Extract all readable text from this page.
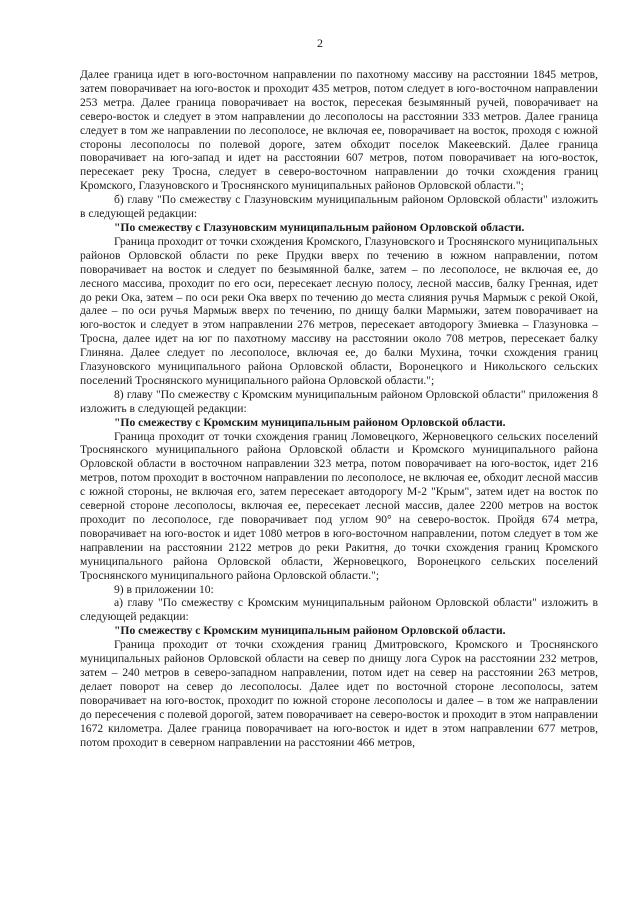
2

Далее граница идет в юго-восточном направлении по пахотному массиву на расстоянии 1845 метров, затем поворачивает на юго-восток и проходит 435 метров, потом следует в юго-восточном направлении 253 метра. Далее граница поворачивает на восток, пересекая безымянный ручей, поворачивает на северо-восток и следует в этом направлении до лесополосы на расстоянии 333 метров. Далее граница следует в том же направлении по лесополосе, не включая ее, поворачивает на восток, проходя с южной стороны лесополосы по полевой дороге, затем обходит поселок Макеевский. Далее граница поворачивает на юго-запад и идет на расстоянии 607 метров, потом поворачивает на юго-восток, пересекает реку Тросна, следует в северо-восточном направлении до точки схождения границ Кромского, Глазуновского и Троснянского муниципальных районов Орловской области.";

б) главу "По смежеству с Глазуновским муниципальным районом Орловской области" изложить в следующей редакции:

"По смежеству с Глазуновским муниципальным районом Орловской области.

Граница проходит от точки схождения Кромского, Глазуновского и Троснянского муниципальных районов Орловской области по реке Прудки вверх по течению в южном направлении, потом поворачивает на восток и следует по безымянной балке, затем – по лесополосе, не включая ее, до лесного массива, проходит по его оси, пересекает лесную полосу, лесной массив, балку Гренная, идет до реки Ока, затем – по оси реки Ока вверх по течению до места слияния ручья Мармыж с рекой Окой, далее – по оси ручья Мармыж вверх по течению, по днищу балки Мармыжи, затем поворачивает на юго-восток и следует в этом направлении 276 метров, пересекает автодорогу Змиевка – Глазуновка – Тросна, далее идет на юг по пахотному массиву на расстоянии около 708 метров, пересекает балку Глиняна. Далее следует по лесополосе, включая ее, до балки Мухина, точки схождения границ Глазуновского муниципального района Орловской области, Воронецкого и Никольского сельских поселений Троснянского муниципального района Орловской области.";

8) главу "По смежеству с Кромским муниципальным районом Орловской области" приложения 8 изложить в следующей редакции:

"По смежеству с Кромским муниципальным районом Орловской области.

Граница проходит от точки схождения границ Ломовецкого, Жерновецкого сельских поселений Троснянского муниципального района Орловской области и Кромского муниципального района Орловской области в восточном направлении 323 метра, потом поворачивает на юго-восток, идет 216 метров, потом проходит в восточном направлении по лесополосе, не включая ее, обходит лесной массив с южной стороны, не включая его, затем пересекает автодорогу М-2 "Крым", затем идет на восток по северной стороне лесополосы, включая ее, пересекает лесной массив, далее 2200 метров на восток проходит по лесополосе, где поворачивает под углом 90° на северо-восток. Пройдя 674 метра, поворачивает на юго-восток и идет 1080 метров в юго-восточном направлении, потом следует в том же направлении на расстоянии 2122 метров до реки Ракитня, до точки схождения границ Кромского муниципального района Орловской области, Жерновецкого, Воронецкого сельских поселений Троснянского муниципального района Орловской области.";

9) в приложении 10:

а) главу "По смежеству с Кромским муниципальным районом Орловской области" изложить в следующей редакции:

"По смежеству с Кромским муниципальным районом Орловской области.

Граница проходит от точки схождения границ Дмитровского, Кромского и Троснянского муниципальных районов Орловской области на север по днищу лога Сурок на расстоянии 232 метров, затем – 240 метров в северо-западном направлении, потом идет на север на расстоянии 263 метров, делает поворот на север до лесополосы. Далее идет по восточной стороне лесополосы, затем поворачивает на юго-восток, проходит по южной стороне лесополосы и далее – в том же направлении до пересечения с полевой дорогой, затем поворачивает на северо-восток и проходит в этом направлении 1672 километра. Далее граница поворачивает на юго-восток и идет в этом направлении 677 метров, потом проходит в северном направлении на расстоянии 466 метров,
